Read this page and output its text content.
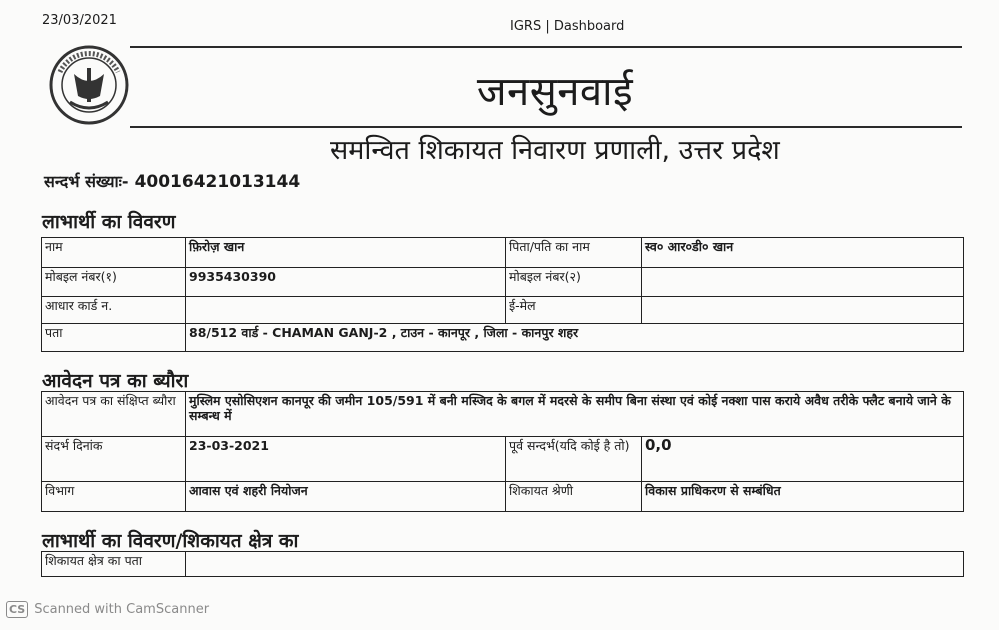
23/03/2021	IGRS | Dashboard
जनसुनवाई
समन्वित शिकायत निवारण प्रणाली, उत्तर प्रदेश
सन्दर्भ संख्याः- 40016421013144
लाभार्थी का विवरण
नाम	फ़िरोज़ खान	पिता/पति का नाम	स्व० आर०डी० खान
मोबइल नंबर(१)	9935430390	मोबइल नंबर(२)	
आधार कार्ड न.		ई-मेल	
पता	88/512 वार्ड - CHAMAN GANJ-2 , टाउन - कानपूर , जिला - कानपुर शहर		
आवेदन पत्र का ब्यौरा
आवेदन पत्र का संक्षिप्त ब्यौरा	मुस्लिम एसोसिएशन कानपूर की जमीन 105/591 में बनी मस्जिद के बगल में मदरसे के समीप बिना संस्था एवं कोई नक्शा पास कराये अवैध तरीके फ्लैट बनाये जाने के सम्बन्ध में		
संदर्भ दिनांक	23-03-2021	पूर्व सन्दर्भ(यदि कोई है तो)	0,0
विभाग	आवास एवं शहरी नियोजन	शिकायत श्रेणी	विकास प्राधिकरण से सम्बंधित
लाभार्थी का विवरण/शिकायत क्षेत्र का
शिकायत क्षेत्र का पता	
CS Scanned with CamScanner
